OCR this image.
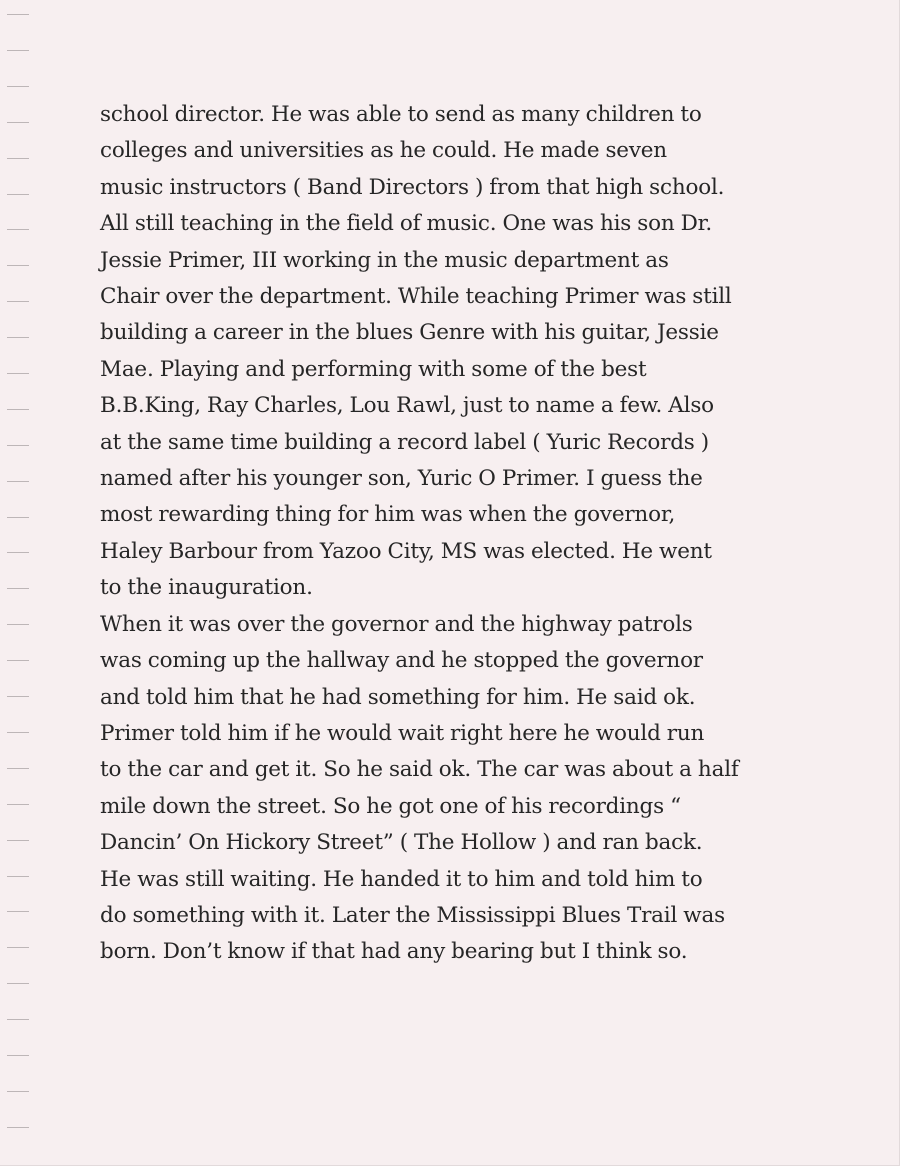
school director. He was able to send as many children to
colleges and universities as he could. He made seven
music instructors ( Band Directors ) from that high school.
All still teaching in the field of music. One was his son Dr.
Jessie Primer, III working in the music department as
Chair over the department. While teaching Primer was still
building a career in the blues Genre with his guitar, Jessie
Mae. Playing and performing with some of the best
B.B.King, Ray Charles, Lou Rawl, just to name a few. Also
at the same time building a record label ( Yuric Records )
named after his younger son, Yuric O Primer. I guess the
most rewarding thing for him was when the governor,
Haley Barbour from Yazoo City, MS was elected. He went
to the inauguration.
When it was over the governor and the highway patrols
was coming up the hallway and he stopped the governor
and told him that he had something for him. He said ok.
Primer told him if he would wait right here he would run
to the car and get it. So he said ok. The car was about a half
mile down the street. So he got one of his recordings “
Dancin’ On Hickory Street” ( The Hollow ) and ran back.
He was still waiting. He handed it to him and told him to
do something with it. Later the Mississippi Blues Trail was
born. Don’t know if that had any bearing but I think so.
